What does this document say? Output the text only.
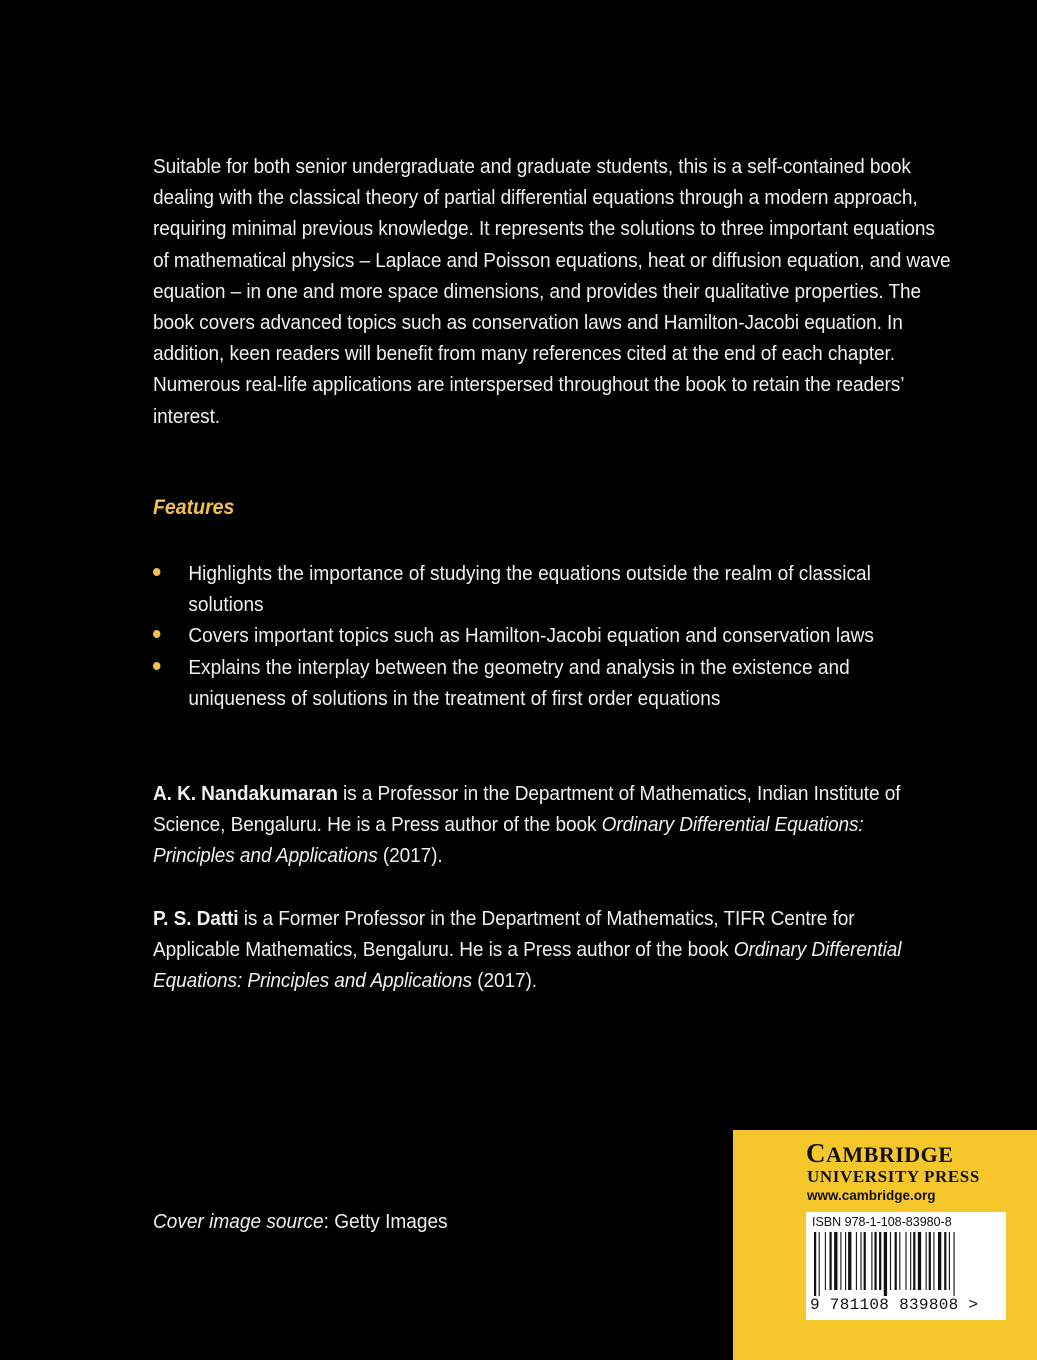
Suitable for both senior undergraduate and graduate students, this is a self-contained book dealing with the classical theory of partial differential equations through a modern approach, requiring minimal previous knowledge. It represents the solutions to three important equations of mathematical physics – Laplace and Poisson equations, heat or diffusion equation, and wave equation – in one and more space dimensions, and provides their qualitative properties. The book covers advanced topics such as conservation laws and Hamilton-Jacobi equation. In addition, keen readers will benefit from many references cited at the end of each chapter. Numerous real-life applications are interspersed throughout the book to retain the readers’ interest.

Features
Highlights the importance of studying the equations outside the realm of classical solutions
Covers important topics such as Hamilton-Jacobi equation and conservation laws
Explains the interplay between the geometry and analysis in the existence and uniqueness of solutions in the treatment of first order equations

A. K. Nandakumaran is a Professor in the Department of Mathematics, Indian Institute of Science, Bengaluru. He is a Press author of the book Ordinary Differential Equations: Principles and Applications (2017).

P. S. Datti is a Former Professor in the Department of Mathematics, TIFR Centre for Applicable Mathematics, Bengaluru. He is a Press author of the book Ordinary Differential Equations: Principles and Applications (2017).

Cover image source: Getty Images

CAMBRIDGE

UNIVERSITY PRESS

www.cambridge.org

ISBN 978-1-108-83980-8

9 781108 839808 >
